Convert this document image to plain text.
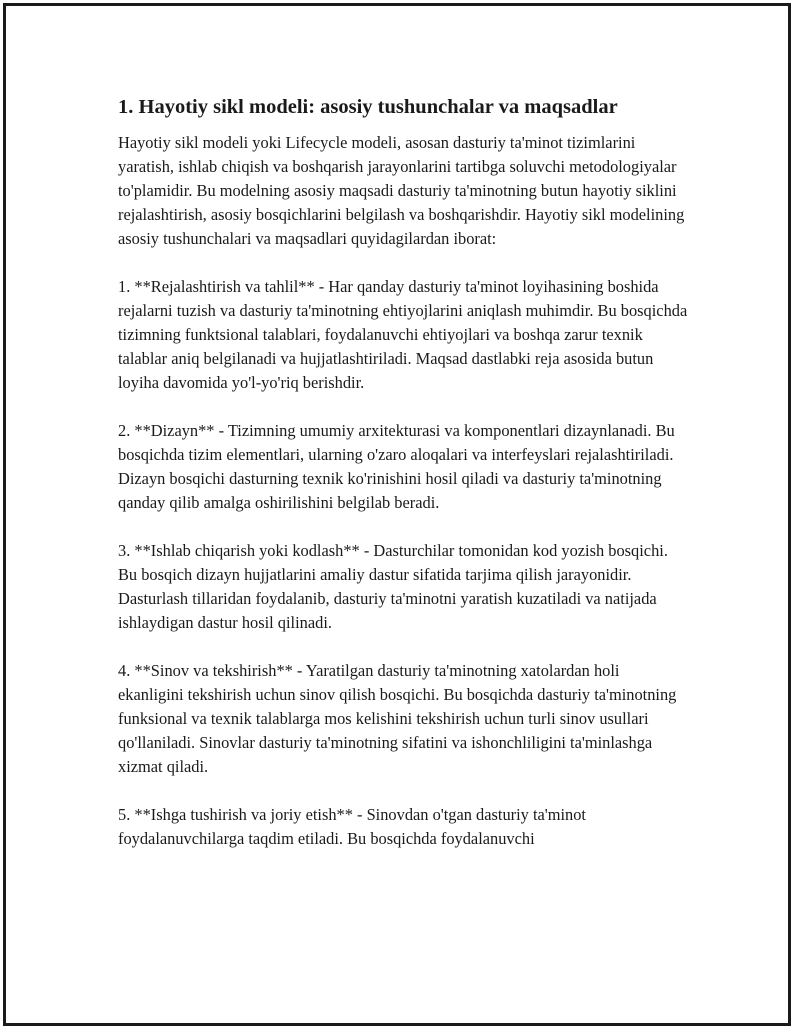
1. Hayotiy sikl modeli: asosiy tushunchalar va maqsadlar

Hayotiy sikl modeli yoki Lifecycle modeli, asosan dasturiy ta'minot tizimlarini yaratish, ishlab chiqish va boshqarish jarayonlarini tartibga soluvchi metodologiyalar to'plamidir. Bu modelning asosiy maqsadi dasturiy ta'minotning butun hayotiy siklini rejalashtirish, asosiy bosqichlarini belgilash va boshqarishdir. Hayotiy sikl modelining asosiy tushunchalari va maqsadlari quyidagilardan iborat:

1. **Rejalashtirish va tahlil** - Har qanday dasturiy ta'minot loyihasining boshida rejalarni tuzish va dasturiy ta'minotning ehtiyojlarini aniqlash muhimdir. Bu bosqichda tizimning funktsional talablari, foydalanuvchi ehtiyojlari va boshqa zarur texnik talablar aniq belgilanadi va hujjatlashtiriladi. Maqsad dastlabki reja asosida butun loyiha davomida yo'l-yo'riq berishdir.

2. **Dizayn** - Tizimning umumiy arxitekturasi va komponentlari dizaynlanadi. Bu bosqichda tizim elementlari, ularning o'zaro aloqalari va interfeyslari rejalashtiriladi. Dizayn bosqichi dasturning texnik ko'rinishini hosil qiladi va dasturiy ta'minotning qanday qilib amalga oshirilishini belgilab beradi.

3. **Ishlab chiqarish yoki kodlash** - Dasturchilar tomonidan kod yozish bosqichi. Bu bosqich dizayn hujjatlarini amaliy dastur sifatida tarjima qilish jarayonidir. Dasturlash tillaridan foydalanib, dasturiy ta'minotni yaratish kuzatiladi va natijada ishlaydigan dastur hosil qilinadi.

4. **Sinov va tekshirish** - Yaratilgan dasturiy ta'minotning xatolardan holi ekanligini tekshirish uchun sinov qilish bosqichi. Bu bosqichda dasturiy ta'minotning funksional va texnik talablarga mos kelishini tekshirish uchun turli sinov usullari qo'llaniladi. Sinovlar dasturiy ta'minotning sifatini va ishonchliligini ta'minlashga xizmat qiladi.

5. **Ishga tushirish va joriy etish** - Sinovdan o'tgan dasturiy ta'minot foydalanuvchilarga taqdim etiladi. Bu bosqichda foydalanuvchi
